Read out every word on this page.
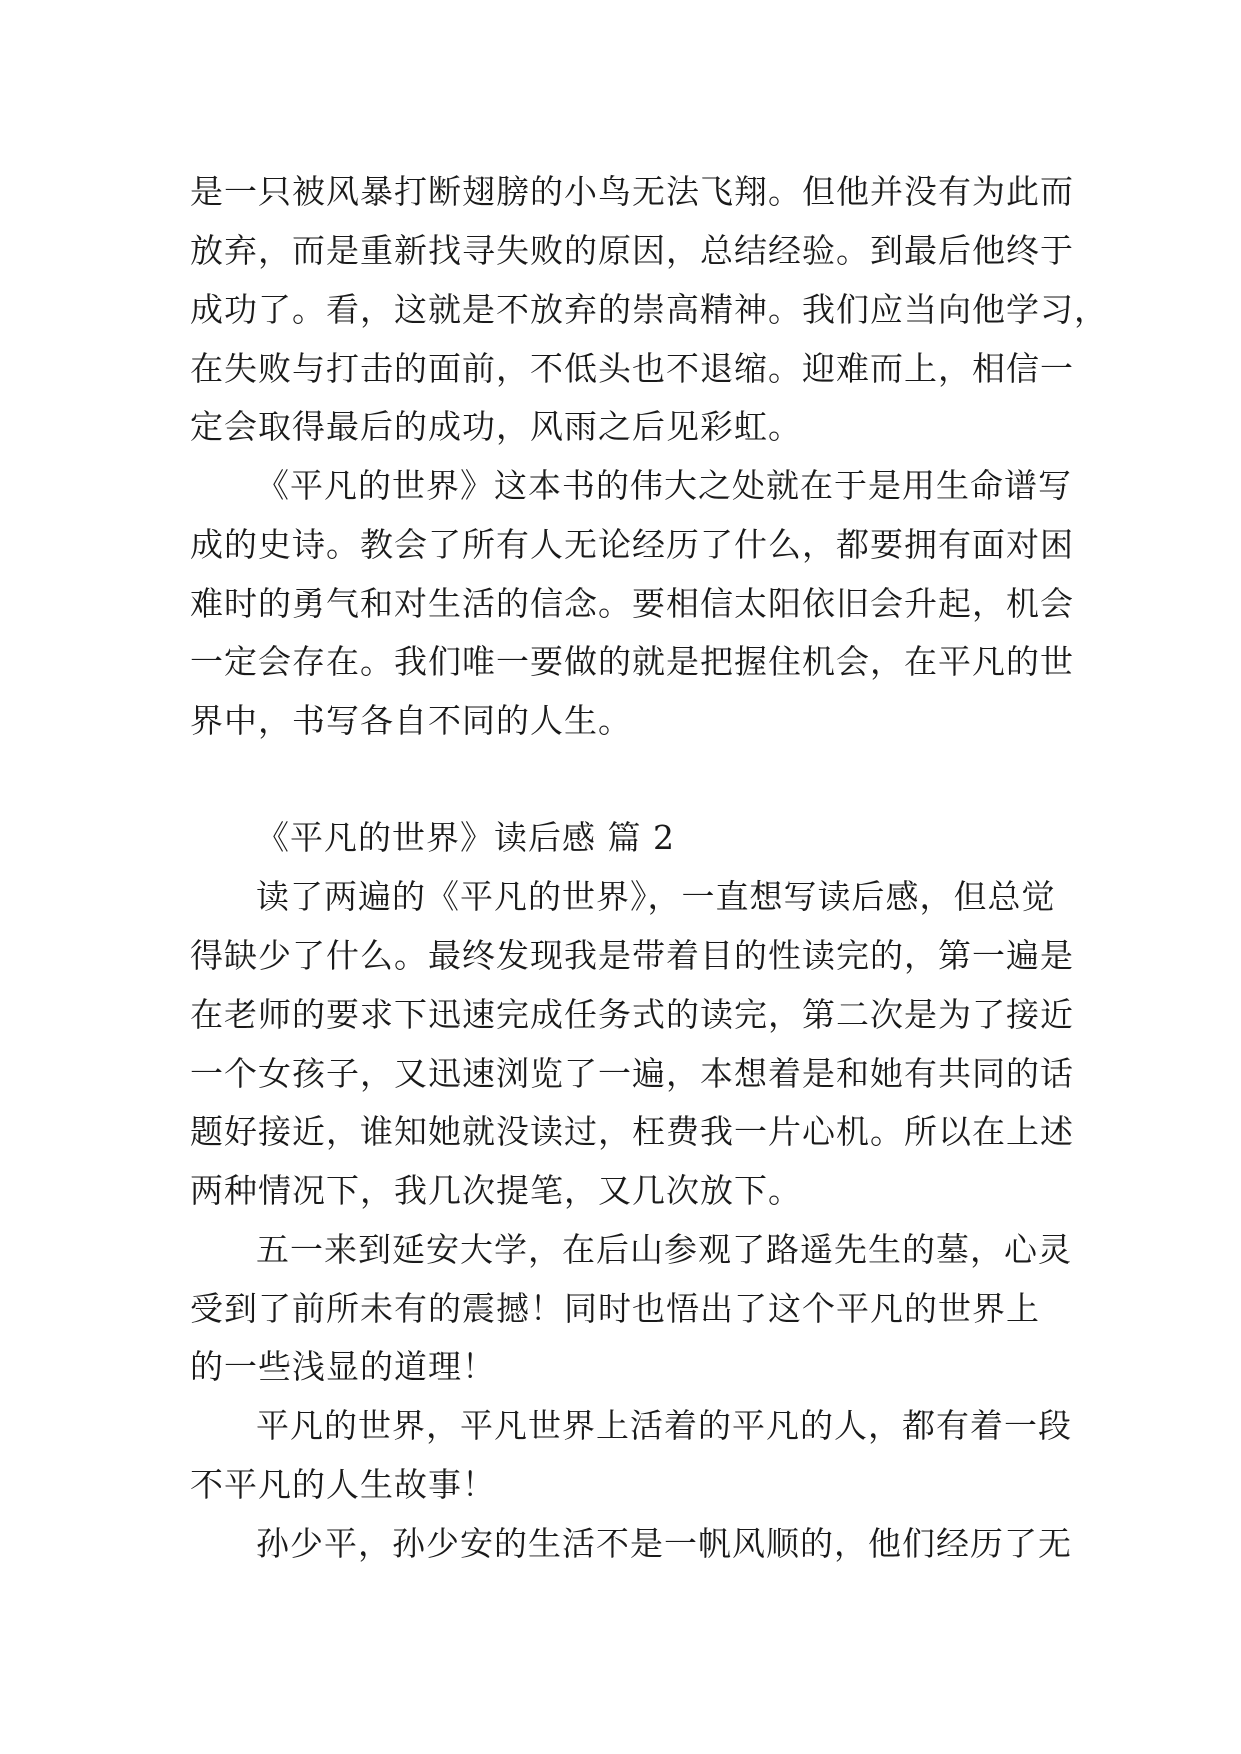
是一只被风暴打断翅膀的小鸟无法飞翔。但他并没有为此而
放弃，而是重新找寻失败的原因，总结经验。到最后他终于
成功了。看，这就是不放弃的崇高精神。我们应当向他学习，
在失败与打击的面前，不低头也不退缩。迎难而上，相信一
定会取得最后的成功，风雨之后见彩虹。
《平凡的世界》这本书的伟大之处就在于是用生命谱写
成的史诗。教会了所有人无论经历了什么，都要拥有面对困
难时的勇气和对生活的信念。要相信太阳依旧会升起，机会
一定会存在。我们唯一要做的就是把握住机会，在平凡的世
界中，书写各自不同的人生。
《平凡的世界》读后感 篇 2
读了两遍的《平凡的世界》，一直想写读后感，但总觉
得缺少了什么。最终发现我是带着目的性读完的，第一遍是
在老师的要求下迅速完成任务式的读完，第二次是为了接近
一个女孩子，又迅速浏览了一遍，本想着是和她有共同的话
题好接近，谁知她就没读过，枉费我一片心机。所以在上述
两种情况下，我几次提笔，又几次放下。
五一来到延安大学，在后山参观了路遥先生的墓，心灵
受到了前所未有的震撼！同时也悟出了这个平凡的世界上
的一些浅显的道理！
平凡的世界，平凡世界上活着的平凡的人，都有着一段
不平凡的人生故事！
孙少平，孙少安的生活不是一帆风顺的，他们经历了无
